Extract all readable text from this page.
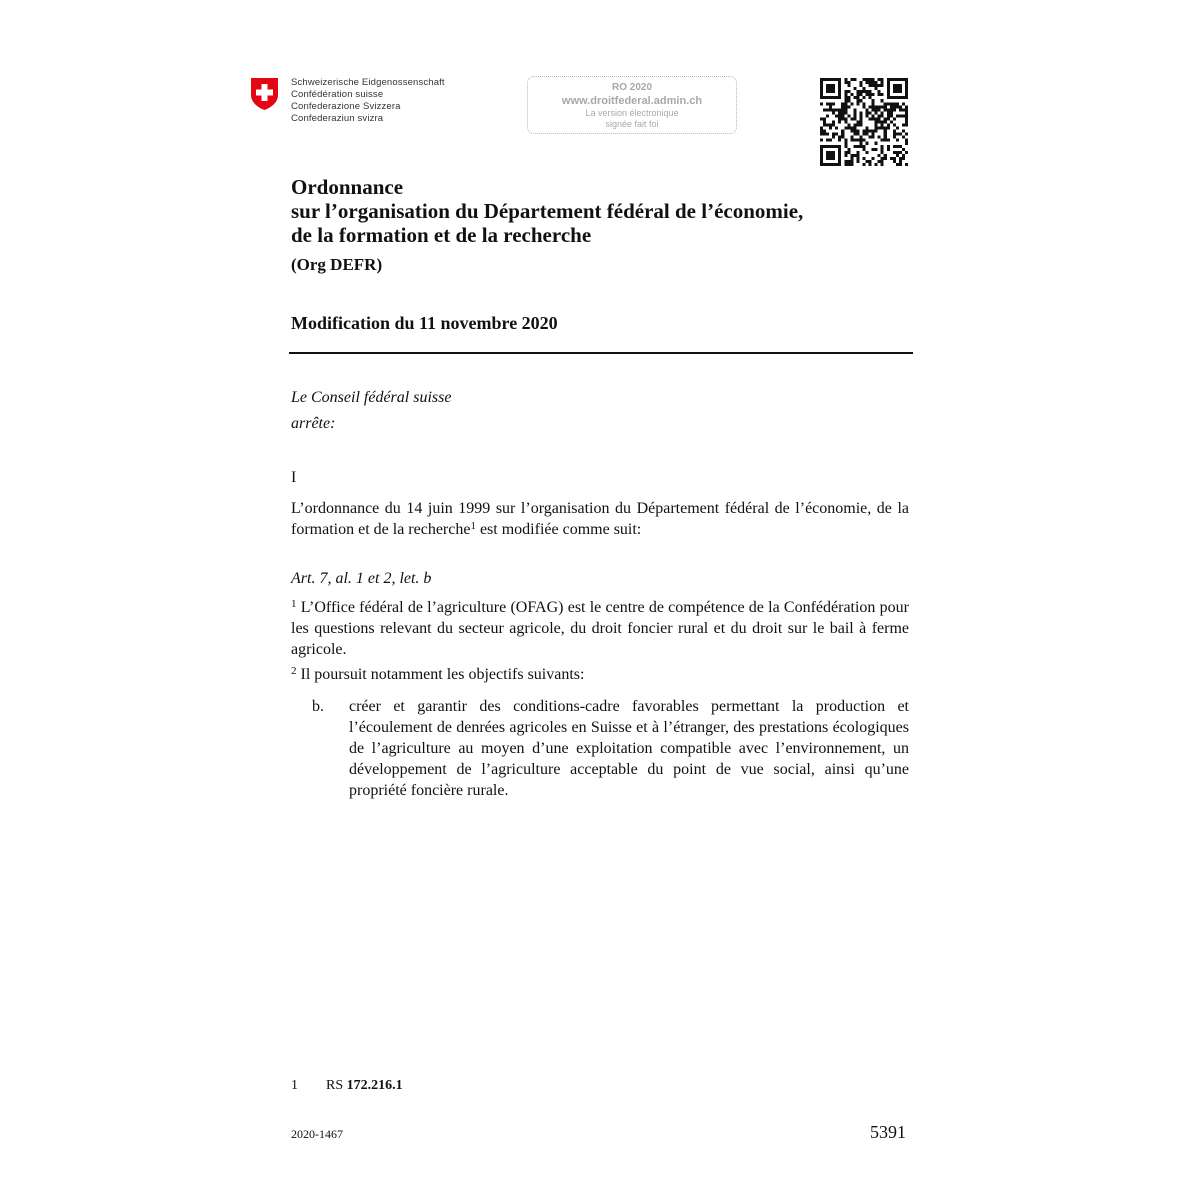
Schweizerische Eidgenossenschaft
Confédération suisse
Confederazione Svizzera
Confederaziun svizra
RO 2020
www.droitfederal.admin.ch
La version électronique
signée fait foi
Ordonnance
sur l’organisation du Département fédéral de l’économie,
de la formation et de la recherche
(Org DEFR)
Modification du 11 novembre 2020
Le Conseil fédéral suisse
arrête:
I
L’ordonnance du 14 juin 1999 sur l’organisation du Département fédéral de l’économie, de la formation et de la recherche$^1$ est modifiée comme suit:
Art. 7, al. 1 et 2, let. b
$^1$ L’Office fédéral de l’agriculture (OFAG) est le centre de compétence de la Confédération pour les questions relevant du secteur agricole, du droit foncier rural et du droit sur le bail à ferme agricole.
$^2$ Il poursuit notamment les objectifs suivants:
b. créer et garantir des conditions-cadre favorables permettant la production et l’écoulement de denrées agricoles en Suisse et à l’étranger, des prestations écologiques de l’agriculture au moyen d’une exploitation compatible avec l’environnement, un développement de l’agriculture acceptable du point de vue social, ainsi qu’une propriété foncière rurale.
1 RS 172.216.1
2020-1467	5391
